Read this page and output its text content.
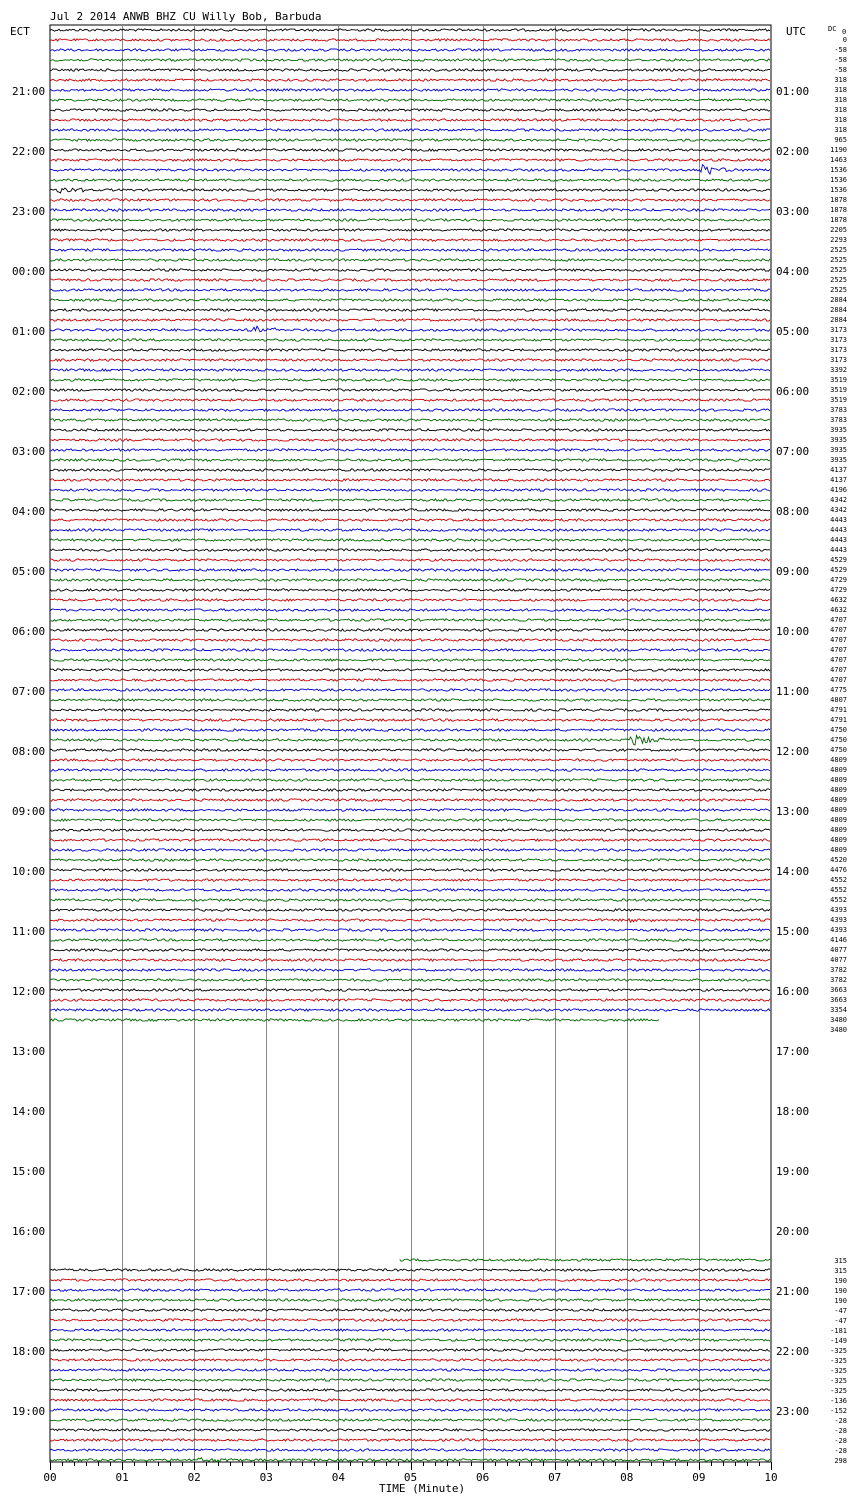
00	01	02	03	04	05	06	07	08	09	10
Jul 2 2014 ANWB BHZ CU Willy Bob, Barbuda
ECT	UTC	DC 0
TIME (Minute)
21:00
22:00
23:00
00:00
01:00
02:00
03:00
04:00
05:00
06:00
07:00
08:00
09:00
10:00
11:00
12:00
13:00
14:00
15:00
16:00
17:00
18:00
19:00
01:00
02:00
03:00
04:00
05:00
06:00
07:00
08:00
09:00
10:00
11:00
12:00
13:00
14:00
15:00
16:00
17:00
18:00
19:00
20:00
21:00
22:00
23:00
0
-58
-58
-58
318
318
318
318
318
318
965
1190
1463
1536
1536
1536
1878
1878
1878
2205
2293
2525
2525
2525
2525
2525
2884
2884
2884
3173
3173
3173
3173
3392
3519
3519
3519
3783
3783
3935
3935
3935
3935
4137
4137
4196
4342
4342
4443
4443
4443
4443
4529
4529
4729
4729
4632
4632
4707
4707
4707
4707
4707
4707
4707
4775
4807
4791
4791
4750
4750
4750
4809
4809
4809
4809
4809
4809
4809
4809
4809
4809
4520
4476
4552
4552
4552
4393
4393
4393
4146
4077
4077
3782
3782
3663
3663
3354
3480
3480
315
315
190
190
190
-47
-47
-181
-149
-325
-325
-325
-325
-325
-136
-152
-28
-28
-28
-28
298
